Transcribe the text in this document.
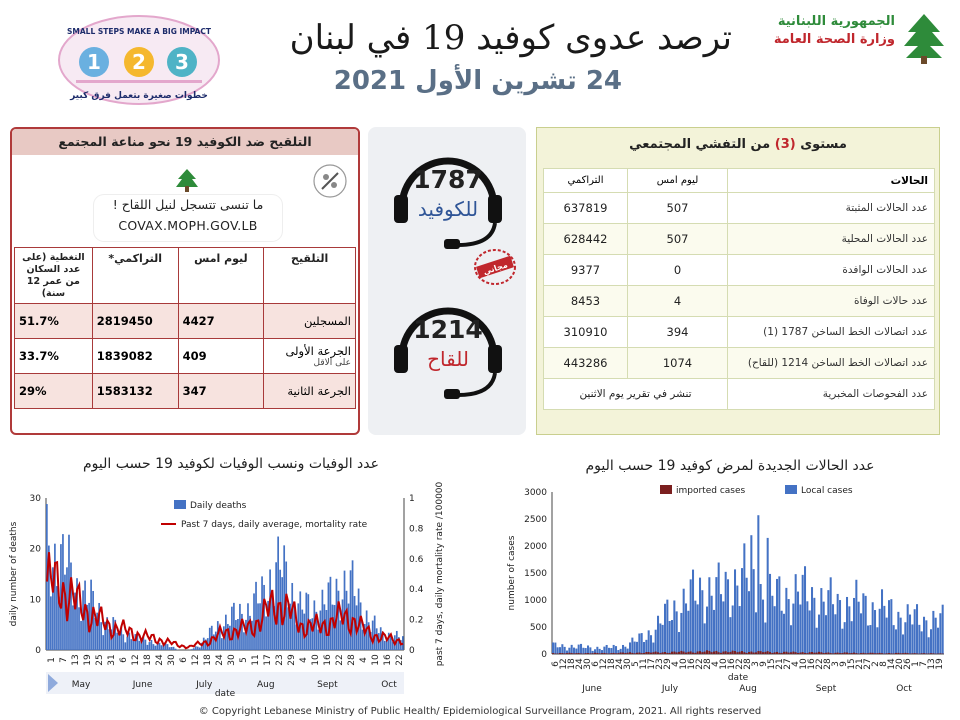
SMALL STEPS MAKE A BIG IMPACT
1 2 3
خطوات صغيرة بتعمل فرق كبير
ترصد عدوى كوفيد 19 في لبنان
24 تشرين الأول 2021
الجمهورية اللبنانية
وزارة الصحة العامة
التلقيح ضد الكوفيد 19 نحو مناعة المجتمع
ما تنسى تتسجل لنيل اللقاح !
COVAX.MOPH.GOV.LB
التغطية (على عدد السكان من عمر 12 سنة)	التراكمي*	ليوم امس	التلقيح
51.7%	2819450	4427	المسجلين

33.7%	1839082	409	الجرعة الأولى
على الاقل

29%	1583132	347	الجرعة الثانية
1787
للكوفيد
مجاني
1214
للقاح
مستوى (3) من التفشي المجتمعي
التراكمي	ليوم امس	الحالات
637819	507	عدد الحالات المثبتة
628442	507	عدد الحالات المحلية
9377	0	عدد الحالات الوافدة
8453	4	عدد حالات الوفاة
310910	394	عدد اتصالات الخط الساخن 1787 (1)
443286	1074	عدد اتصالات الخط الساخن 1214 (للقاح)
تنشر في تقرير يوم الاثنين		عدد الفحوصات المخبرية
عدد الوفيات ونسب الوفيات لكوفيد 19 حسب اليوم
0
10
20
30
0
0.2
0.4
0.6
0.8
1
Daily deaths
Past 7 days, daily average, mortality rate
1 7 13 19 25 31 6 12 18 24 30 6 12 18 24 30 5 11 17 23 29 4 10 16 22 28 4 10 16 22
May	June	July	Aug	Sept	Oct
date
daily number of deaths	past 7 days, daily mortality rate /100000
عدد الحالات الجديدة لمرض كوفيد 19 حسب اليوم
0
500
1000
1500
2000
2500
3000	imported cases	Local cases
6
12
18
24
30
6
12
18
24
30
5
11
17
23
29
4
10
16
22
28
4
10
16
22
28
3
9
15
21
27
4
10
16
22
28
3
9
15
21
27
2
8
14
20
26
1
7
13
19
June	July	Aug	Sept	Oct
date
number of cases
© Copyright Lebanese Ministry of Public Health/ Epidemiological Surveillance Program, 2021. All rights reserved
